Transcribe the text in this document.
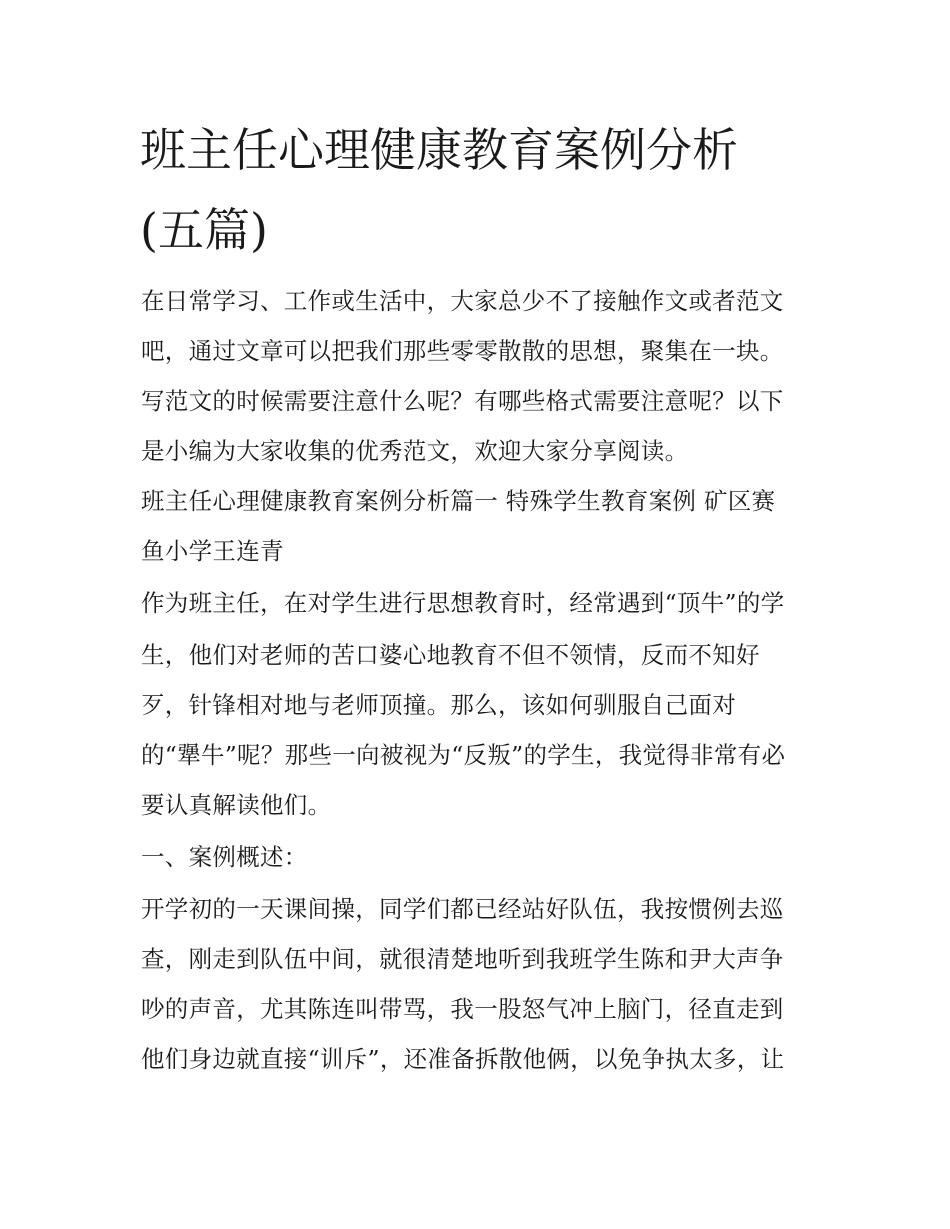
班主任心理健康教育案例分析
(五篇)

在日常学习、工作或生活中，大家总少不了接触作文或者范文

吧，通过文章可以把我们那些零零散散的思想，聚集在一块。

写范文的时候需要注意什么呢？有哪些格式需要注意呢？以下

是小编为大家收集的优秀范文，欢迎大家分享阅读。

班主任心理健康教育案例分析篇一 特殊学生教育案例 矿区赛

鱼小学王连青

作为班主任，在对学生进行思想教育时，经常遇到“顶牛”的学

生，他们对老师的苦口婆心地教育不但不领情，反而不知好

歹，针锋相对地与老师顶撞。那么，该如何驯服自己面对

的“犟牛”呢？那些一向被视为“反叛”的学生，我觉得非常有必

要认真解读他们。

一、案例概述：

开学初的一天课间操，同学们都已经站好队伍，我按惯例去巡

查，刚走到队伍中间，就很清楚地听到我班学生陈和尹大声争

吵的声音，尤其陈连叫带骂，我一股怒气冲上脑门，径直走到

他们身边就直接“训斥”，还准备拆散他俩，以免争执太多，让
